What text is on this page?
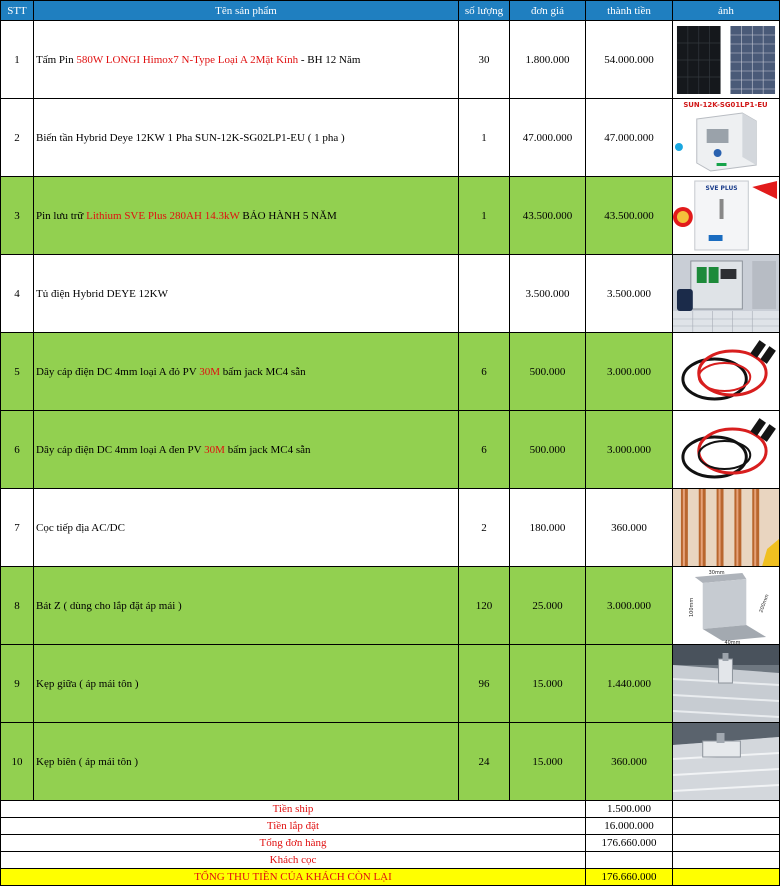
STT	Tên sản phẩm	số lượng	đơn giá	thành tiền	ảnh
1	Tấm Pin 580W LONGI Himox7 N-Type Loại A 2Mặt Kính - BH 12 Năm	30	1.800.000	54.000.000	

2	Biến tần Hybrid Deye 12KW 1 Pha SUN-12K-SG02LP1-EU ( 1 pha )	1	47.000.000	47.000.000	SUN-12K-SG01LP1-EU

3	Pin lưu trữ Lithium SVE Plus 280AH 14.3kW BẢO HÀNH 5 NĂM	1	43.500.000	43.500.000	SVE PLUS

4	Tủ điện Hybrid DEYE 12KW		3.500.000	3.500.000	

5	Dây cáp điện DC 4mm loại A đỏ PV 30M bấm jack MC4 sẵn	6	500.000	3.000.000	

6	Dây cáp điện DC 4mm loại A đen PV 30M bấm jack MC4 sẵn	6	500.000	3.000.000	

7	Cọc tiếp địa AC/DC	2	180.000	360.000	

8	Bát Z ( dùng cho lắp đặt áp mái )	120	25.000	3.000.000	30mm
100mm 200mm
40mm

9	Kẹp giữa ( áp mái tôn )	96	15.000	1.440.000	

10	Kẹp biên ( áp mái tôn )	24	15.000	360.000	

Tiền ship				1.500.000	
Tiền lắp đặt				16.000.000	
Tổng đơn hàng				176.660.000	
Khách cọc					
TỔNG THU TIỀN CỦA KHÁCH CÒN LẠI				176.660.000	
